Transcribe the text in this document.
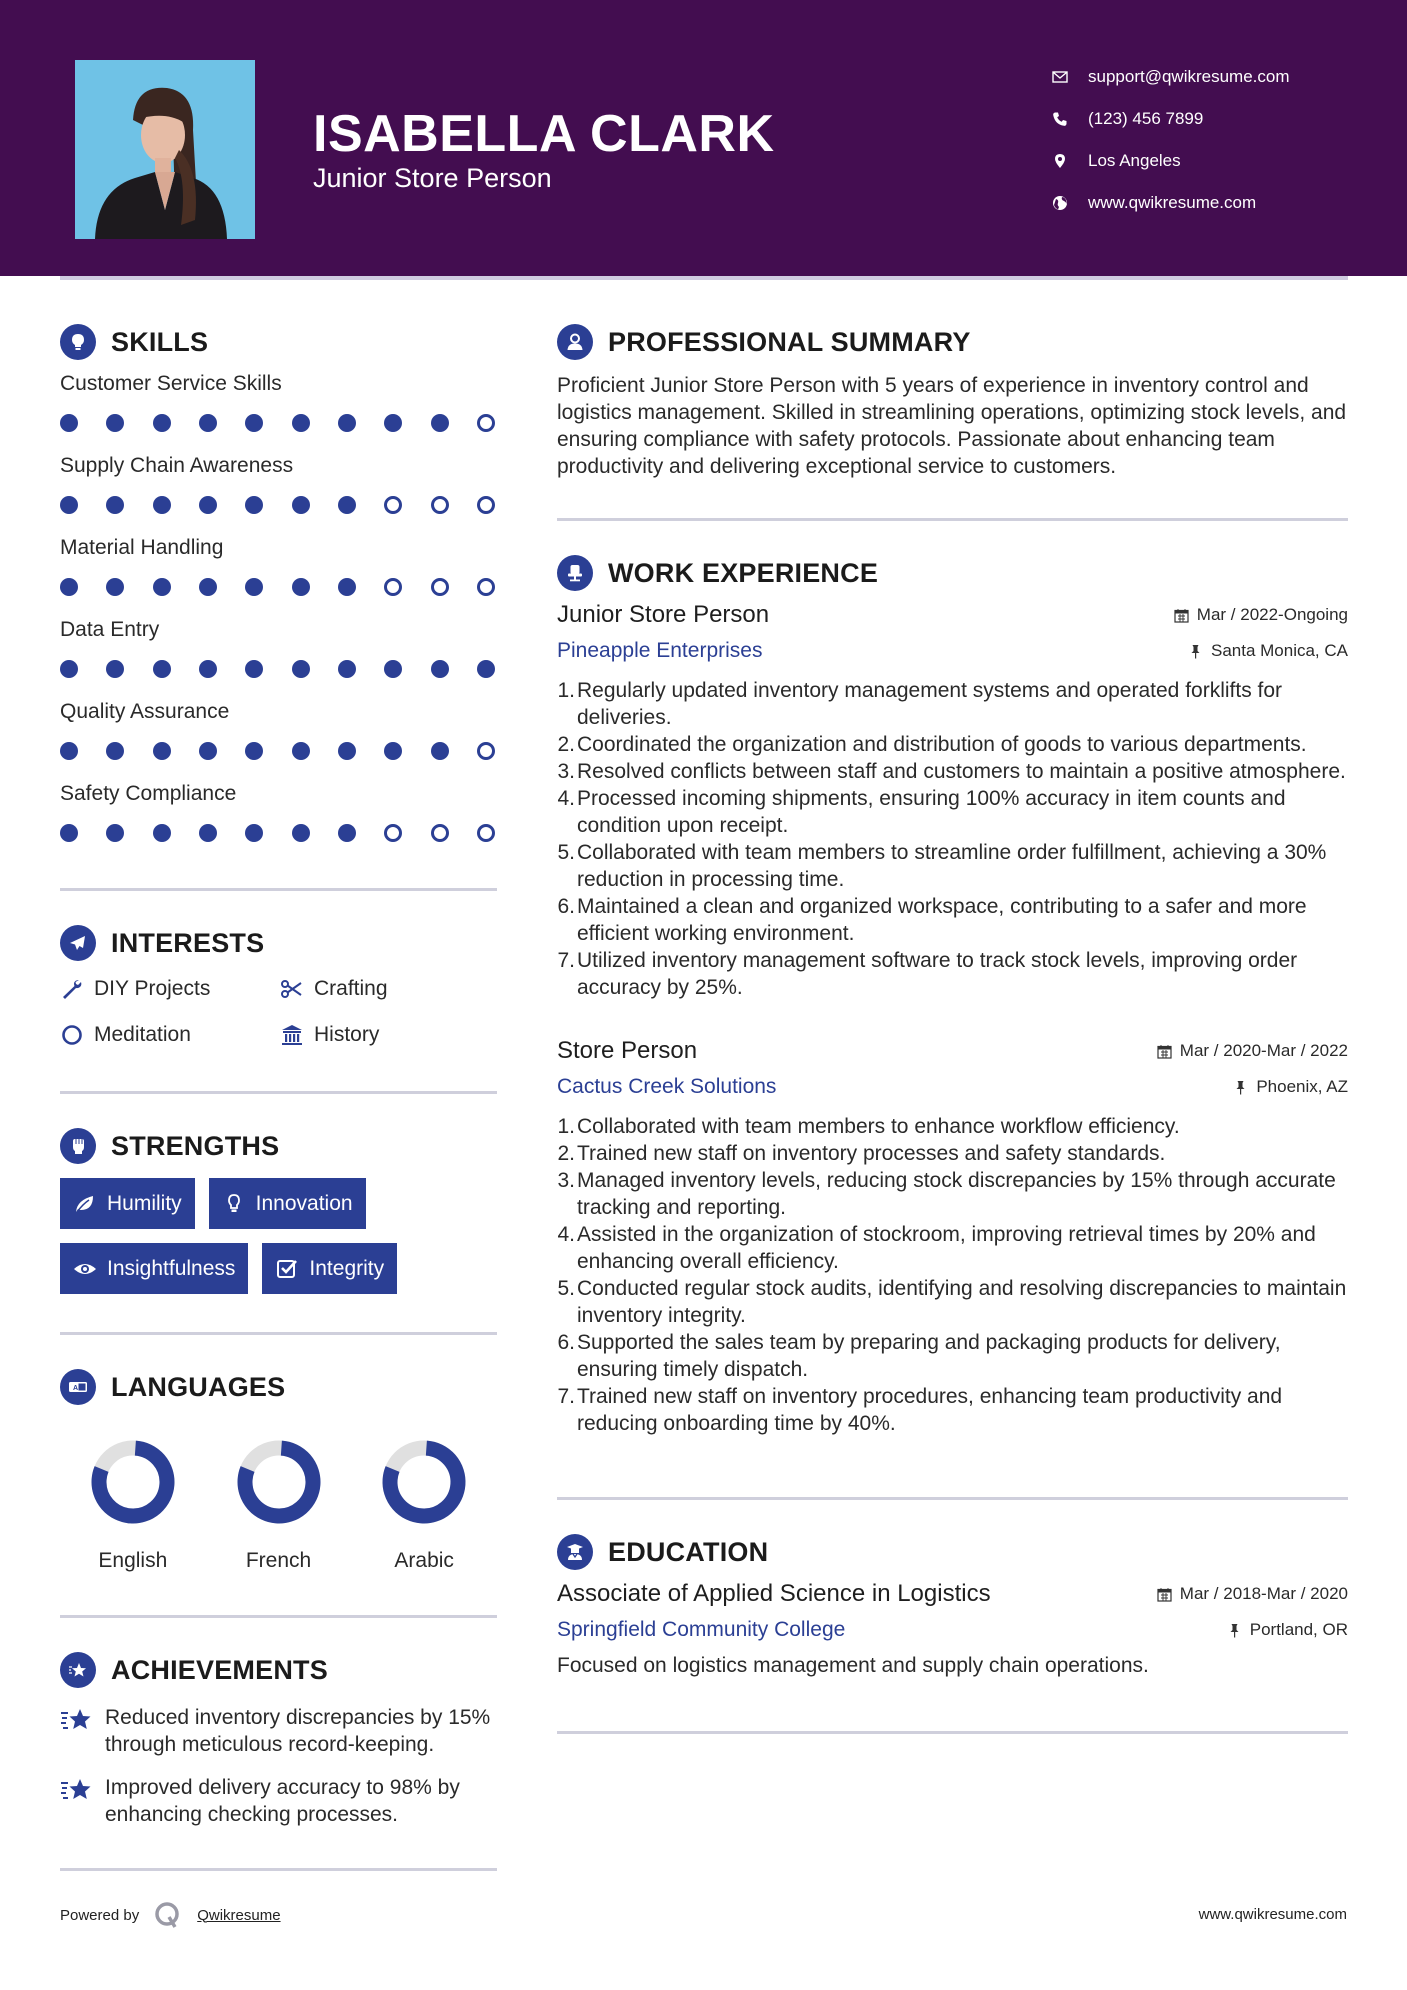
ISABELLA CLARK
Junior Store Person
support@qwikresume.com
(123) 456 7899
Los Angeles
www.qwikresume.com
SKILLS
Customer Service Skills
Supply Chain Awareness
Material Handling
Data Entry
Quality Assurance
Safety Compliance
INTERESTS
DIY Projects	Crafting
Meditation	History
STRENGTHS
Humility	Innovation
Insightfulness	Integrity
A LANGUAGES
English	French	Arabic
ACHIEVEMENTS
Reduced inventory discrepancies by 15% through meticulous record-keeping.
Improved delivery accuracy to 98% by enhancing checking processes.
PROFESSIONAL SUMMARY

Proficient Junior Store Person with 5 years of experience in inventory control and logistics management. Skilled in streamlining operations, optimizing stock levels, and ensuring compliance with safety protocols. Passionate about enhancing team productivity and delivering exceptional service to customers.

WORK EXPERIENCE
Junior Store Person	Mar / 2022-Ongoing
Pineapple Enterprises	Santa Monica, CA
1. Regularly updated inventory management systems and operated forklifts for deliveries.
2. Coordinated the organization and distribution of goods to various departments.
3. Resolved conflicts between staff and customers to maintain a positive atmosphere.
4. Processed incoming shipments, ensuring 100% accuracy in item counts and condition upon receipt.
5. Collaborated with team members to streamline order fulfillment, achieving a 30% reduction in processing time.
6. Maintained a clean and organized workspace, contributing to a safer and more efficient working environment.
7. Utilized inventory management software to track stock levels, improving order accuracy by 25%.
Store Person	Mar / 2020-Mar / 2022
Cactus Creek Solutions	Phoenix, AZ
1. Collaborated with team members to enhance workflow efficiency.
2. Trained new staff on inventory processes and safety standards.
3. Managed inventory levels, reducing stock discrepancies by 15% through accurate tracking and reporting.
4. Assisted in the organization of stockroom, improving retrieval times by 20% and enhancing overall efficiency.
5. Conducted regular stock audits, identifying and resolving discrepancies to maintain inventory integrity.
6. Supported the sales team by preparing and packaging products for delivery, ensuring timely dispatch.
7. Trained new staff on inventory procedures, enhancing team productivity and reducing onboarding time by 40%.
EDUCATION
Associate of Applied Science in Logistics	Mar / 2018-Mar / 2020
Springfield Community College	Portland, OR

Focused on logistics management and supply chain operations.

Powered by	Qwikresume	www.qwikresume.com
